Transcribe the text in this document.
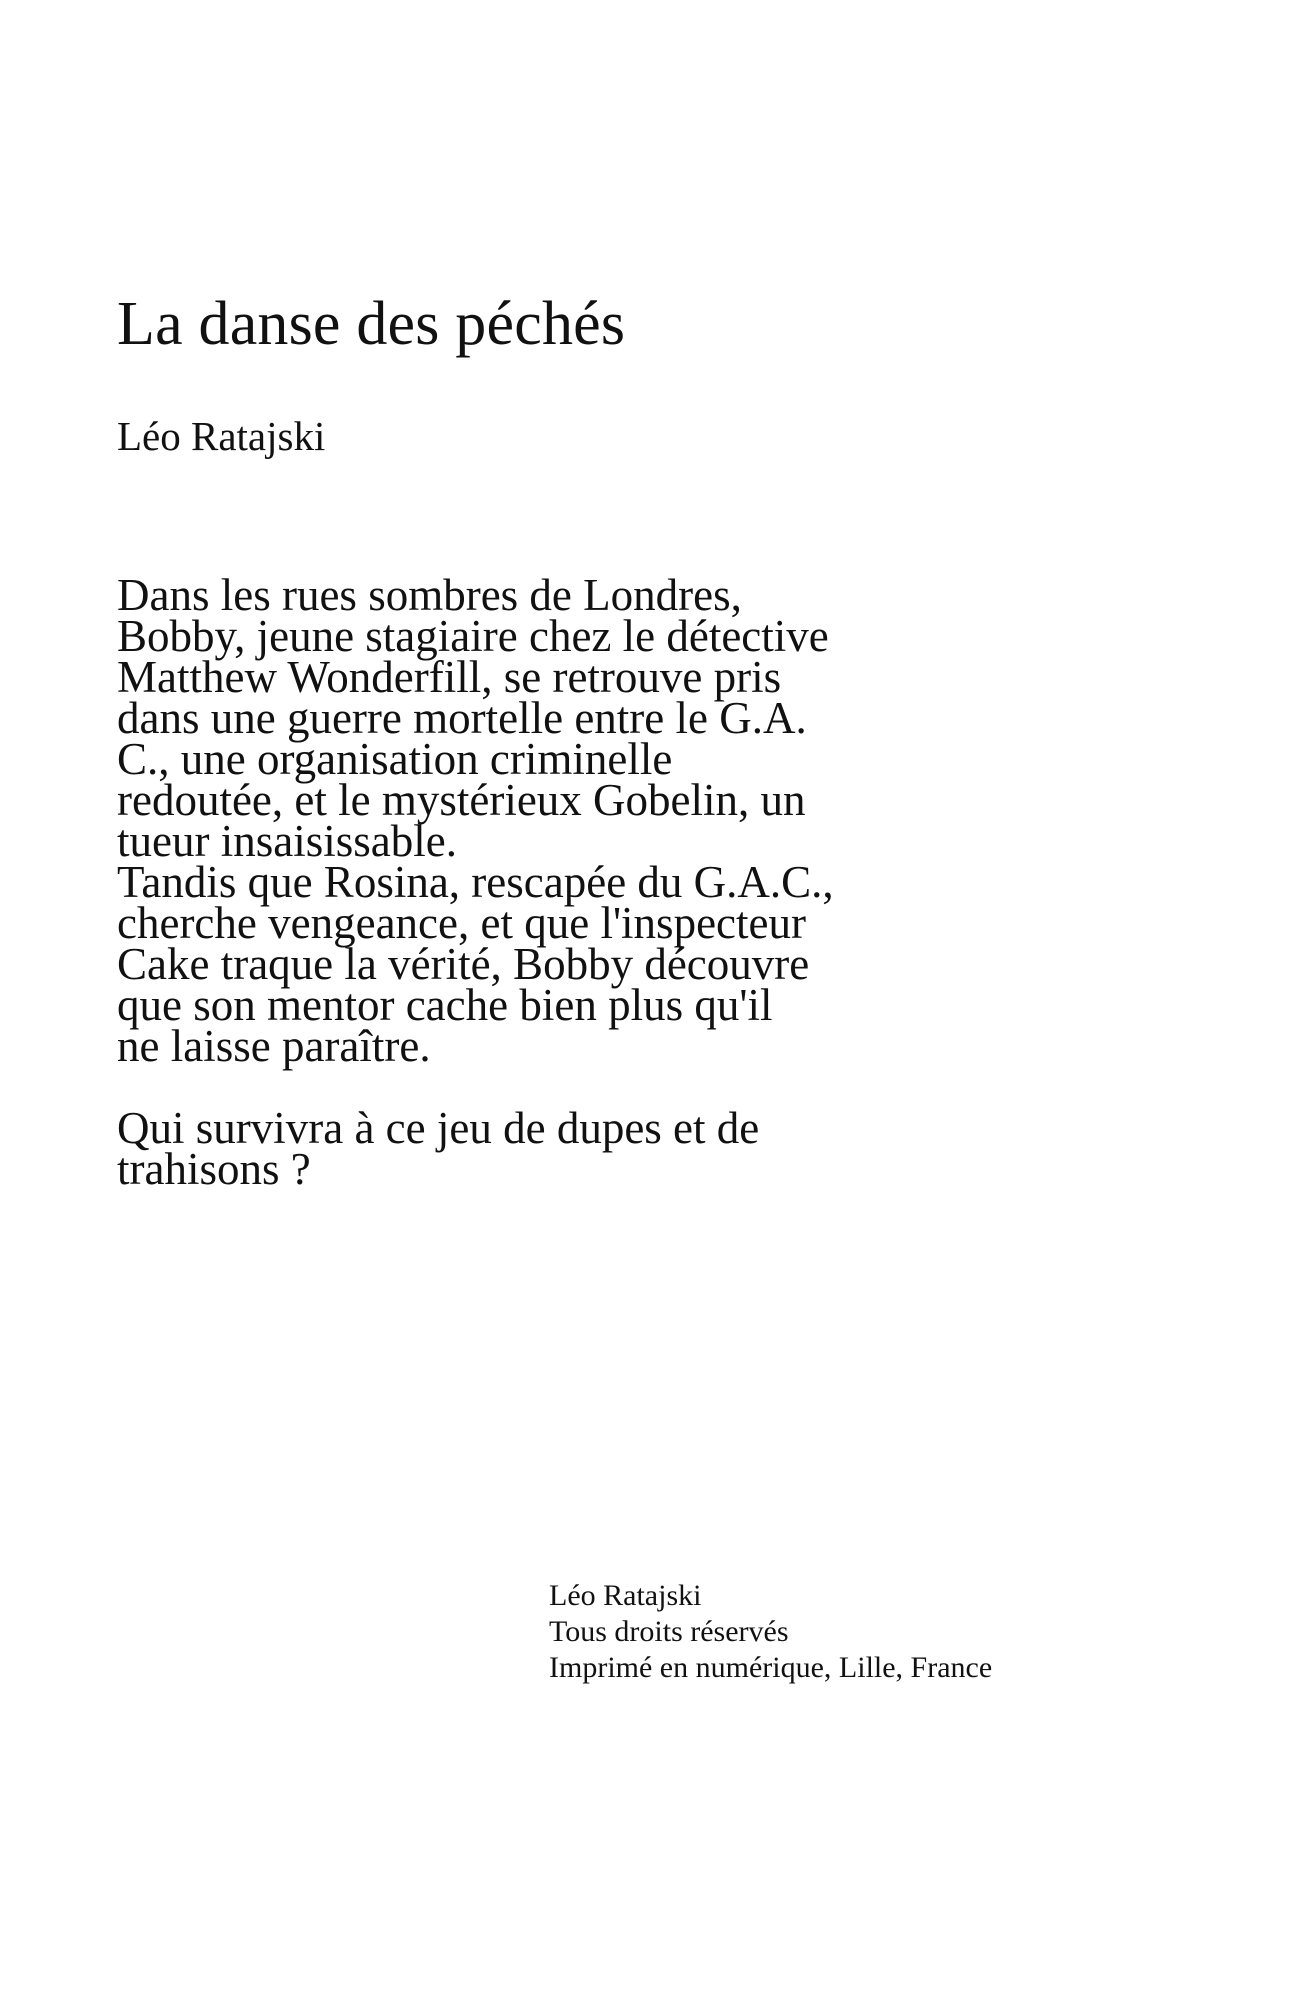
La danse des péchés
Léo Ratajski

Dans les rues sombres de Londres,
Bobby, jeune stagiaire chez le détective
Matthew Wonderfill, se retrouve pris
dans une guerre mortelle entre le G.A.
C., une organisation criminelle
redoutée, et le mystérieux Gobelin, un
tueur insaisissable.

Tandis que Rosina, rescapée du G.A.C.,
cherche vengeance, et que l'inspecteur
Cake traque la vérité, Bobby découvre
que son mentor cache bien plus qu'il
ne laisse paraître.

Qui survivra à ce jeu de dupes et de
trahisons ?

Léo Ratajski
Tous droits réservés
Imprimé en numérique, Lille, France
